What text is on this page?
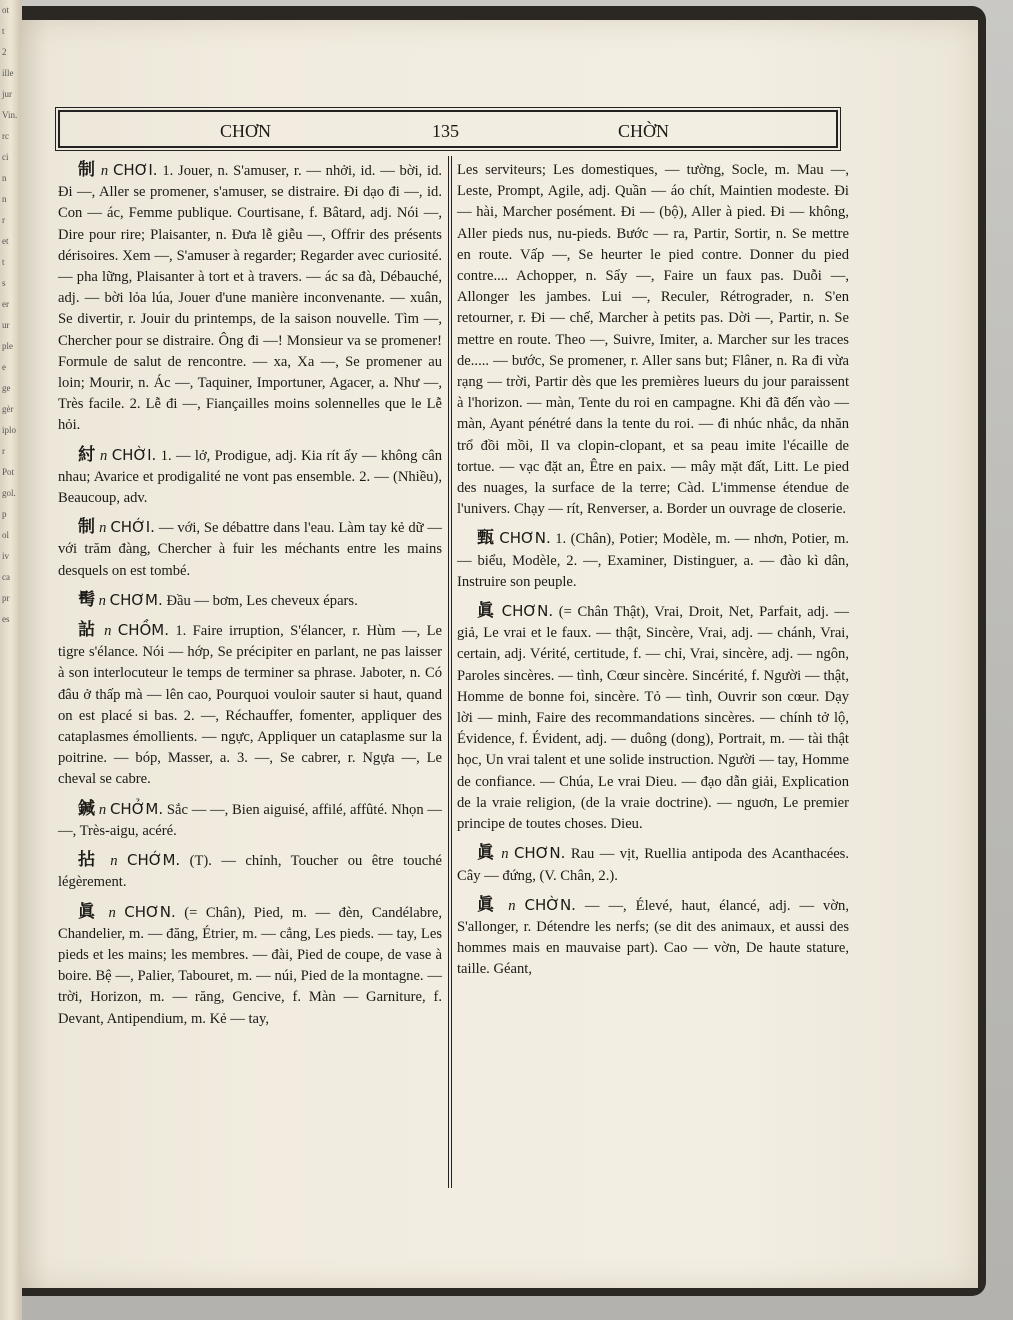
ot
t
2
ille
jur
Vin.
rc
ci
n
n
r
et
t
s
er
ur
ple
e
ge
gèr
iplo
r
Pot
gol.
p
ol
iv
ca
pr
es
CHƠN	135	CHỜN

制 n CHƠI. 1. Jouer, n. S'amuser, r. — nhởi, id. — bời, id. Đi —, Aller se promener, s'amuser, se distraire. Đi dạo đi —, id. Con — ác, Femme publique. Courtisane, f. Bâtard, adj. Nói —, Dire pour rire; Plaisanter, n. Đưa lễ giễu —, Offrir des présents dérisoires. Xem —, S'amuser à regarder; Regarder avec curiosité. — pha lững, Plaisanter à tort et à travers. — ác sa đà, Débauché, adj. — bời lỏa lúa, Jouer d'une manière inconvenante. — xuân, Se divertir, r. Jouir du printemps, de la saison nouvelle. Tìm —, Chercher pour se distraire. Ông đi —! Monsieur va se promener! Formule de salut de rencontre. — xa, Xa —, Se promener au loin; Mourir, n. Ác —, Taquiner, Importuner, Agacer, a. Như —, Très facile. 2. Lễ đi —, Fiançailles moins solennelles que le Lễ hỏi.

紂 n CHỜI. 1. — lở, Prodigue, adj. Kia rít ấy — không cân nhau; Avarice et prodigalité ne vont pas ensemble. 2. — (Nhiều), Beaucoup, adv.

制 n CHỚI. — với, Se débattre dans l'eau. Làm tay kẻ dữ — với trăm đàng, Chercher à fuir les méchants entre les mains desquels on est tombé.

髩 n CHƠM. Đầu — bơm, Les cheveux épars.

詀 n CHỒM. 1. Faire irruption, S'élancer, r. Hùm —, Le tigre s'élance. Nói — hớp, Se précipiter en parlant, ne pas laisser à son interlocuteur le temps de terminer sa phrase. Jaboter, n. Có đâu ở thấp mà — lên cao, Pourquoi vouloir sauter si haut, quand on est placé si bas. 2. —, Réchauffer, fomenter, appliquer des cataplasmes émollients. — ngực, Appliquer un cataplasme sur la poitrine. — bóp, Masser, a. 3. —, Se cabrer, r. Ngựa —, Le cheval se cabre.

鍼 n CHỞM. Sắc — —, Bien aiguisé, affilé, affûté. Nhọn — —, Très-aigu, acéré.

拈 n CHỚM. (T). — chỉnh, Toucher ou être touché légèrement.

眞 n CHƠN. (= Chân), Pied, m. — đèn, Candélabre, Chandelier, m. — đăng, Étrier, m. — cẳng, Les pieds. — tay, Les pieds et les mains; les membres. — đài, Pied de coupe, de vase à boire. Bệ —, Palier, Tabouret, m. — núi, Pied de la montagne. — trời, Horizon, m. — răng, Gencive, f. Màn — Garniture, f. Devant, Antipendium, m. Kẻ — tay,

Les serviteurs; Les domestiques, — tường, Socle, m. Mau —, Leste, Prompt, Agile, adj. Quần — áo chít, Maintien modeste. Đi — hài, Marcher posément. Đi — (bộ), Aller à pied. Đi — không, Aller pieds nus, nu-pieds. Bước — ra, Partir, Sortir, n. Se mettre en route. Vấp —, Se heurter le pied contre. Donner du pied contre.... Achopper, n. Sẩy —, Faire un faux pas. Duỗi —, Allonger les jambes. Lui —, Reculer, Rétrograder, n. S'en retourner, r. Đi — chế, Marcher à petits pas. Dời —, Partir, n. Se mettre en route. Theo —, Suivre, Imiter, a. Marcher sur les traces de..... — bước, Se promener, r. Aller sans but; Flâner, n. Ra đi vừa rạng — trời, Partir dès que les premières lueurs du jour paraissent à l'horizon. — màn, Tente du roi en campagne. Khi đã đến vào — màn, Ayant pénétré dans la tente du roi. — đi nhúc nhắc, da nhăn trổ đồi mồi, Il va clopin-clopant, et sa peau imite l'écaille de tortue. — vạc đặt an, Être en paix. — mây mặt đất, Litt. Le pied des nuages, la surface de la terre; Càd. L'immense étendue de l'univers. Chạy — rít, Renverser, a. Border un ouvrage de closerie.

甄 CHƠN. 1. (Chân), Potier; Modèle, m. — nhơn, Potier, m. — biểu, Modèle, 2. —, Examiner, Distinguer, a. — đào kì dân, Instruire son peuple.

眞 CHƠN. (= Chân Thật), Vrai, Droit, Net, Parfait, adj. — giả, Le vrai et le faux. — thật, Sincère, Vrai, adj. — chánh, Vrai, certain, adj. Vérité, certitude, f. — chỉ, Vrai, sincère, adj. — ngôn, Paroles sincères. — tình, Cœur sincère. Sincérité, f. Người — thật, Homme de bonne foi, sincère. Tỏ — tình, Ouvrir son cœur. Dạy lời — minh, Faire des recommandations sincères. — chính tở lộ, Évidence, f. Évident, adj. — duông (dong), Portrait, m. — tài thật học, Un vrai talent et une solide instruction. Người — tay, Homme de confiance. — Chúa, Le vrai Dieu. — đạo dẫn giải, Explication de la vraie religion, (de la vraie doctrine). — nguơn, Le premier principe de toutes choses. Dieu.

眞 n CHƠN. Rau — vịt, Ruellia antipoda des Acanthacées. Cây — đứng, (V. Chân, 2.).

眞 n CHỜN. — —, Élevé, haut, élancé, adj. — vờn, S'allonger, r. Détendre les nerfs; (se dit des animaux, et aussi des hommes mais en mauvaise part). Cao — vờn, De haute stature, taille. Géant,
